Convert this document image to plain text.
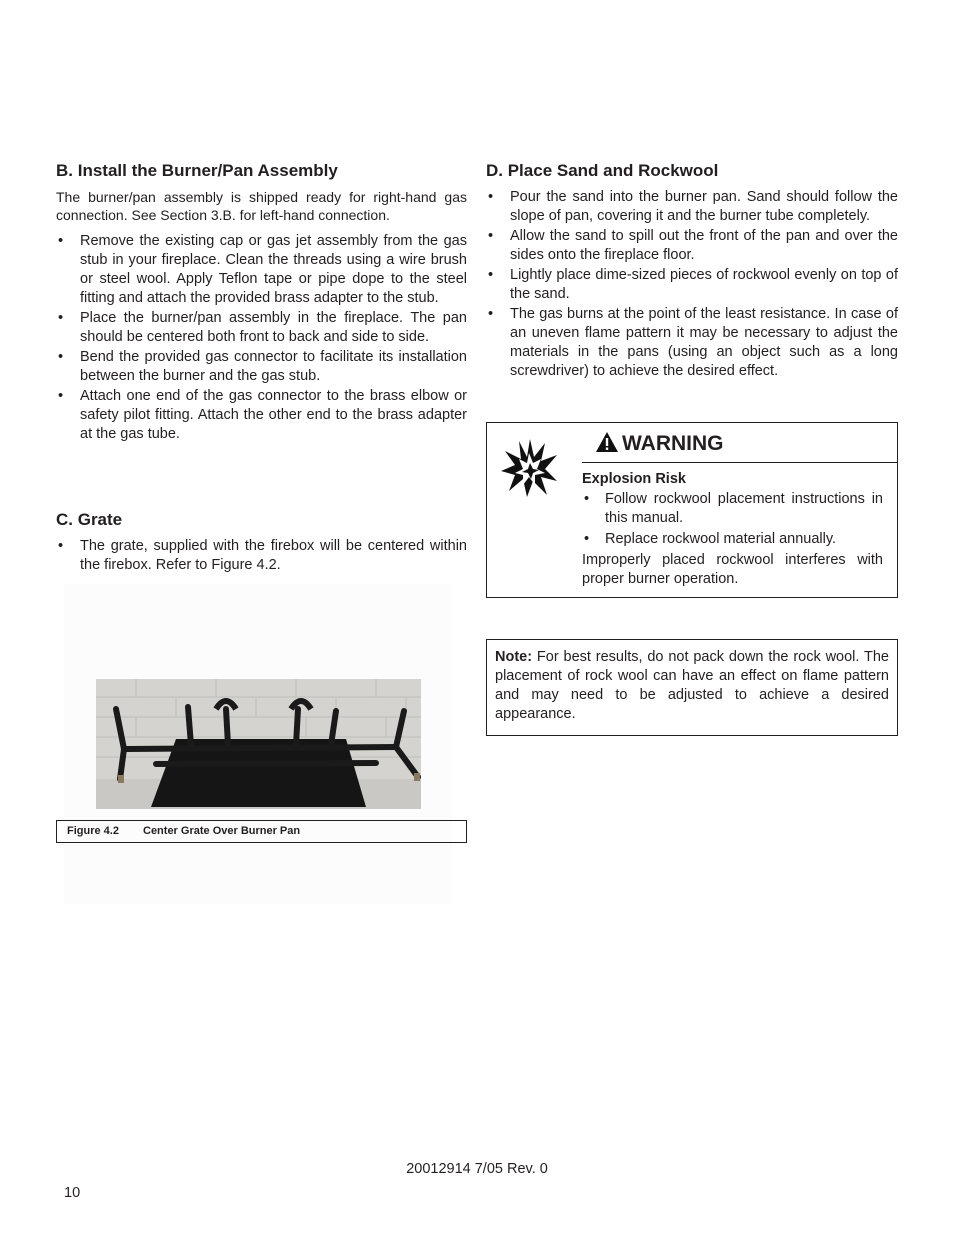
B. Install the Burner/Pan Assembly

The burner/pan assembly is shipped ready for right-hand gas connection. See Section 3.B. for left-hand connection.

• Remove the existing cap or gas jet assembly from the gas stub in your fireplace. Clean the threads using a wire brush or steel wool. Apply Teflon tape or pipe dope to the steel fitting and attach the provided brass adapter to the stub.
• Place the burner/pan assembly in the fireplace. The pan should be centered both front to back and side to side.
• Bend the provided gas connector to facilitate its installation between the burner and the gas stub.
• Attach one end of the gas connector to the brass elbow or safety pilot fitting. Attach the other end to the brass adapter at the gas tube.
C. Grate
• The grate, supplied with the firebox will be centered within the firebox. Refer to Figure 4.2.
Figure 4.2 Center Grate Over Burner Pan
D. Place Sand and Rockwool
• Pour the sand into the burner pan. Sand should follow the slope of pan, covering it and the burner tube completely.
• Allow the sand to spill out the front of the pan and over the sides onto the fireplace floor.
• Lightly place dime-sized pieces of rockwool evenly on top of the sand.
• The gas burns at the point of the least resistance. In case of an uneven flame pattern it may be necessary to adjust the materials in the pans (using an object such as a long screwdriver) to achieve the desired effect.
WARNING
Explosion Risk
• Follow rockwool placement instructions in this manual.
• Replace rockwool material annually.

Improperly placed rockwool interferes with proper burner operation.

Note: For best results, do not pack down the rock wool. The placement of rock wool can have an effect on flame pattern and may need to be adjusted to achieve a desired appearance.
20012914 7/05 Rev. 0
10
